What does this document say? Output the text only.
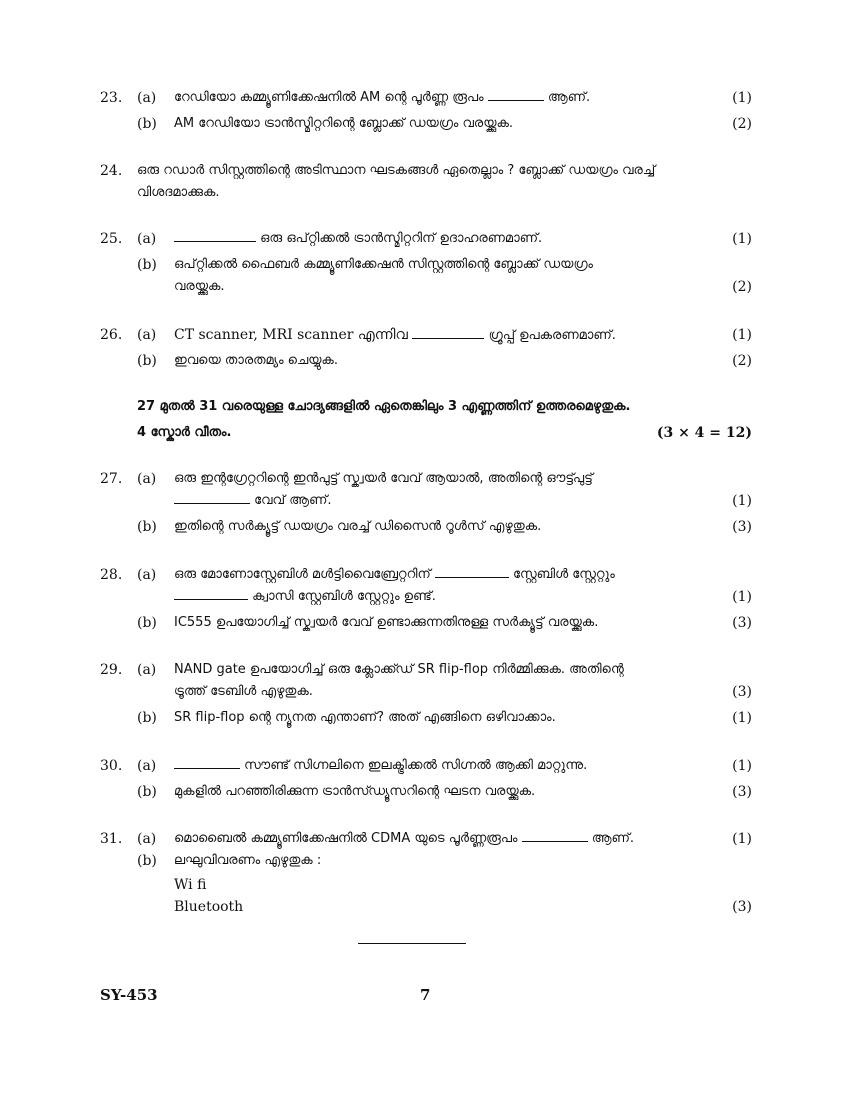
23.	(a)	റേഡിയോ കമ്മ്യൂണിക്കേഷനിൽ AM ന്റെ പൂർണ്ണ രൂപം	ആണ്.	(1)
(b)	AM റേഡിയോ ട്രാൻസ്മിറ്ററിന്റെ ബ്ലോക്ക് ഡയഗ്രം വരയ്ക്കുക.	(2)
24.	ഒരു റഡാർ സിസ്റ്റത്തിന്റെ അടിസ്ഥാന ഘടകങ്ങൾ ഏതെല്ലാം ? ബ്ലോക്ക് ഡയഗ്രം വരച്ച്
വിശദമാക്കുക.
25.	(a)	ഒരു ഒപ്റ്റിക്കൽ ട്രാൻസ്മിറ്ററിന് ഉദാഹരണമാണ്.	(1)
(b)	ഒപ്റ്റിക്കൽ ഫൈബർ കമ്മ്യൂണിക്കേഷൻ സിസ്റ്റത്തിന്റെ ബ്ലോക്ക് ഡയഗ്രം
വരയ്ക്കുക.	(2)
26.	(a)	CT scanner, MRI scanner എന്നിവ	ഗ്രൂപ്പ് ഉപകരണമാണ്.	(1)
(b)	ഇവയെ താരതമ്യം ചെയ്യുക.	(2)
27 മുതൽ 31 വരെയുള്ള ചോദ്യങ്ങളിൽ ഏതെങ്കിലും 3 എണ്ണത്തിന് ഉത്തരമെഴുതുക.
4 സ്കോർ വീതം.	(3 × 4 = 12)
27.	(a)	ഒരു ഇന്റഗ്രേറ്ററിന്റെ ഇൻപുട്ട് സ്ക്വയർ വേവ് ആയാൽ, അതിന്റെ ഔട്ട്പുട്ട്
വേവ് ആണ്.	(1)
(b)	ഇതിന്റെ സർക്യൂട്ട് ഡയഗ്രം വരച്ച് ഡിസൈൻ റൂൾസ് എഴുതുക.	(3)
28.	(a)	ഒരു മോണോസ്റ്റേബിൾ മൾട്ടിവൈബ്രേറ്ററിന്	സ്റ്റേബിൾ സ്റ്റേറ്റും
ക്വാസി സ്റ്റേബിൾ സ്റ്റേറ്റും ഉണ്ട്.	(1)
(b)	IC555 ഉപയോഗിച്ച് സ്ക്വയർ വേവ് ഉണ്ടാക്കുന്നതിനുള്ള സർക്യൂട്ട് വരയ്ക്കുക.	(3)
29.	(a)	NAND gate ഉപയോഗിച്ച് ഒരു ക്ലോക്ക്ഡ് SR flip-flop നിർമ്മിക്കുക. അതിന്റെ
ട്രൂത്ത് ടേബിൾ എഴുതുക.	(3)
(b)	SR flip-flop ന്റെ ന്യൂനത എന്താണ്? അത് എങ്ങിനെ ഒഴിവാക്കാം.	(1)
30.	(a)	സൗണ്ട് സിഗ്നലിനെ ഇലക്ട്രിക്കൽ സിഗ്നൽ ആക്കി മാറ്റുന്നു.	(1)
(b)	മുകളിൽ പറഞ്ഞിരിക്കുന്ന ട്രാൻസ്ഡ്യൂസറിന്റെ ഘടന വരയ്ക്കുക.	(3)
31.	(a)	മൊബൈൽ കമ്മ്യൂണിക്കേഷനിൽ CDMA യുടെ പൂർണ്ണരൂപം	ആണ്.	(1)
(b)	ലഘുവിവരണം എഴുതുക :
Wi fi
Bluetooth	(3)
SY-453	7
